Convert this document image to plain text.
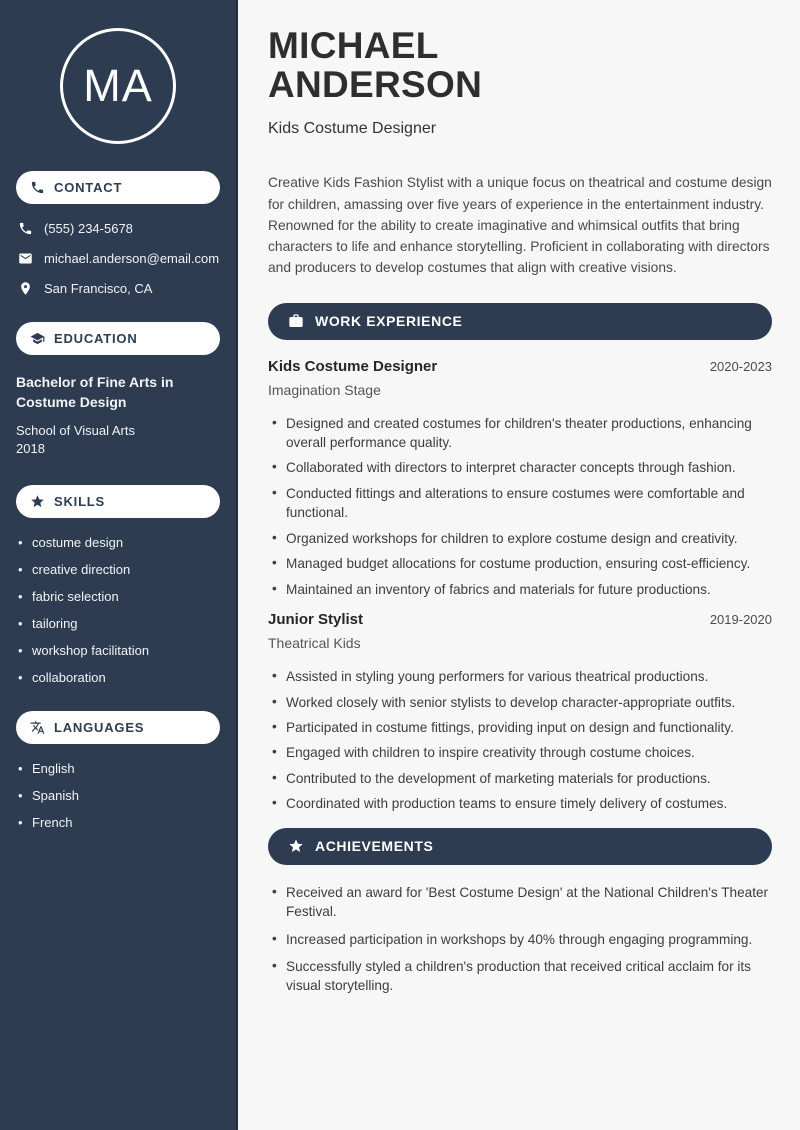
MA
CONTACT
(555) 234-5678
michael.anderson@email.com
San Francisco, CA
EDUCATION
Bachelor of Fine Arts in Costume Design
School of Visual Arts
2018
SKILLS
• costume design
• creative direction
• fabric selection
• tailoring
• workshop facilitation
• collaboration
LANGUAGES
• English
• Spanish
• French
MICHAEL
ANDERSON
Kids Costume Designer

Creative Kids Fashion Stylist with a unique focus on theatrical and costume design for children, amassing over five years of experience in the entertainment industry. Renowned for the ability to create imaginative and whimsical outfits that bring characters to life and enhance storytelling. Proficient in collaborating with directors and producers to develop costumes that align with creative visions.

WORK EXPERIENCE
Kids Costume Designer	2020-2023
Imagination Stage
• Designed and created costumes for children's theater productions, enhancing overall performance quality.
• Collaborated with directors to interpret character concepts through fashion.
• Conducted fittings and alterations to ensure costumes were comfortable and functional.
• Organized workshops for children to explore costume design and creativity.
• Managed budget allocations for costume production, ensuring cost-efficiency.
• Maintained an inventory of fabrics and materials for future productions.
Junior Stylist	2019-2020
Theatrical Kids
• Assisted in styling young performers for various theatrical productions.
• Worked closely with senior stylists to develop character-appropriate outfits.
• Participated in costume fittings, providing input on design and functionality.
• Engaged with children to inspire creativity through costume choices.
• Contributed to the development of marketing materials for productions.
• Coordinated with production teams to ensure timely delivery of costumes.
ACHIEVEMENTS
• Received an award for 'Best Costume Design' at the National Children's Theater Festival.
• Increased participation in workshops by 40% through engaging programming.
• Successfully styled a children's production that received critical acclaim for its visual storytelling.
